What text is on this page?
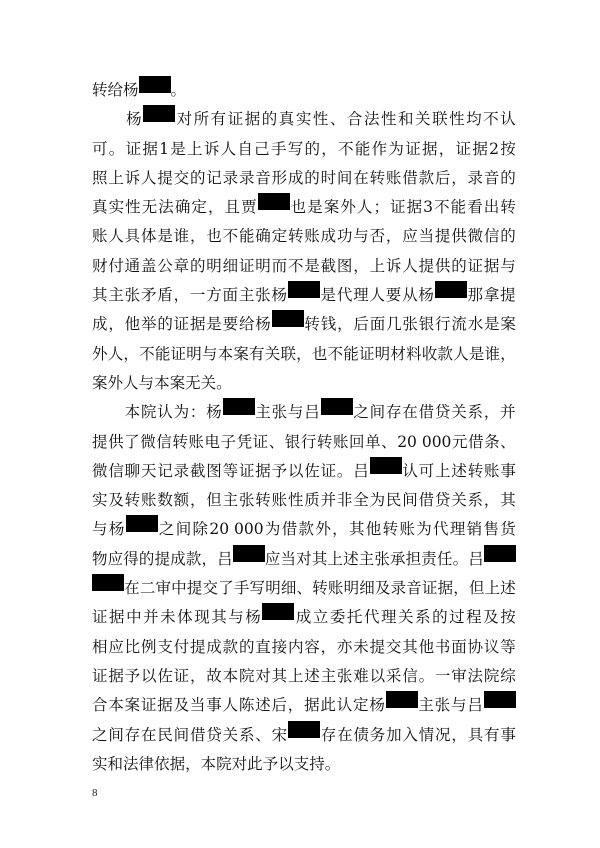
转 给 杨 。

杨 对 所 有 证 据 的 真 实 性 、 合 法 性 和 关 联 性 均 不 认
可 。 证 据 1 是 上 诉 人 自 己 手 写 的 ， 不 能 作 为 证 据 ， 证 据 2 按
照 上 诉 人 提 交 的 记 录 录 音 形 成 的 时 间 在 转 账 借 款 后 ， 录 音 的
真 实 性 无 法 确 定 ， 且 贾 也 是 案 外 人 ； 证 据 3 不 能 看 出 转
账 人 具 体 是 谁 ， 也 不 能 确 定 转 账 成 功 与 否 ， 应 当 提 供 微 信 的
财 付 通 盖 公 章 的 明 细 证 明 而 不 是 截 图 ， 上 诉 人 提 供 的 证 据 与
其 主 张 矛 盾 ， 一 方 面 主 张 杨 是 代 理 人 要 从 杨 那 拿 提
成 ， 他 举 的 证 据 是 要 给 杨 转 钱 ， 后 面 几 张 银 行 流 水 是 案
外 人 ， 不 能 证 明 与 本 案 有 关 联 ， 也 不 能 证 明 材 料 收 款 人 是 谁 ，
案 外 人 与 本 案 无 关 。

本 院 认 为 ： 杨 主 张 与 吕 之 间 存 在 借 贷 关 系 ， 并
提 供 了 微 信 转 账 电 子 凭 证 、 银 行 转 账 回 单 、 20 000 元 借 条 、
微 信 聊 天 记 录 截 图 等 证 据 予 以 佐 证 。 吕 认 可 上 述 转 账 事
实 及 转 账 数 额 ， 但 主 张 转 账 性 质 并 非 全 为 民 间 借 贷 关 系 ， 其
与 杨 之 间 除 20 000 为 借 款 外 ， 其 他 转 账 为 代 理 销 售 货
物 应 得 的 提 成 款 ， 吕 应 当 对 其 上 述 主 张 承 担 责 任 。 吕
在 二 审 中 提 交 了 手 写 明 细 、 转 账 明 细 及 录 音 证 据 ， 但 上 述
证 据 中 并 未 体 现 其 与 杨 成 立 委 托 代 理 关 系 的 过 程 及 按
相 应 比 例 支 付 提 成 款 的 直 接 内 容 ， 亦 未 提 交 其 他 书 面 协 议 等
证 据 予 以 佐 证 ， 故 本 院 对 其 上 述 主 张 难 以 采 信 。 一 审 法 院 综
合 本 案 证 据 及 当 事 人 陈 述 后 ， 据 此 认 定 杨 主 张 与 吕
之 间 存 在 民 间 借 贷 关 系 、 宋 存 在 债 务 加 入 情 况 ， 具 有 事
实 和 法 律 依 据 ， 本 院 对 此 予 以 支 持 。
8
